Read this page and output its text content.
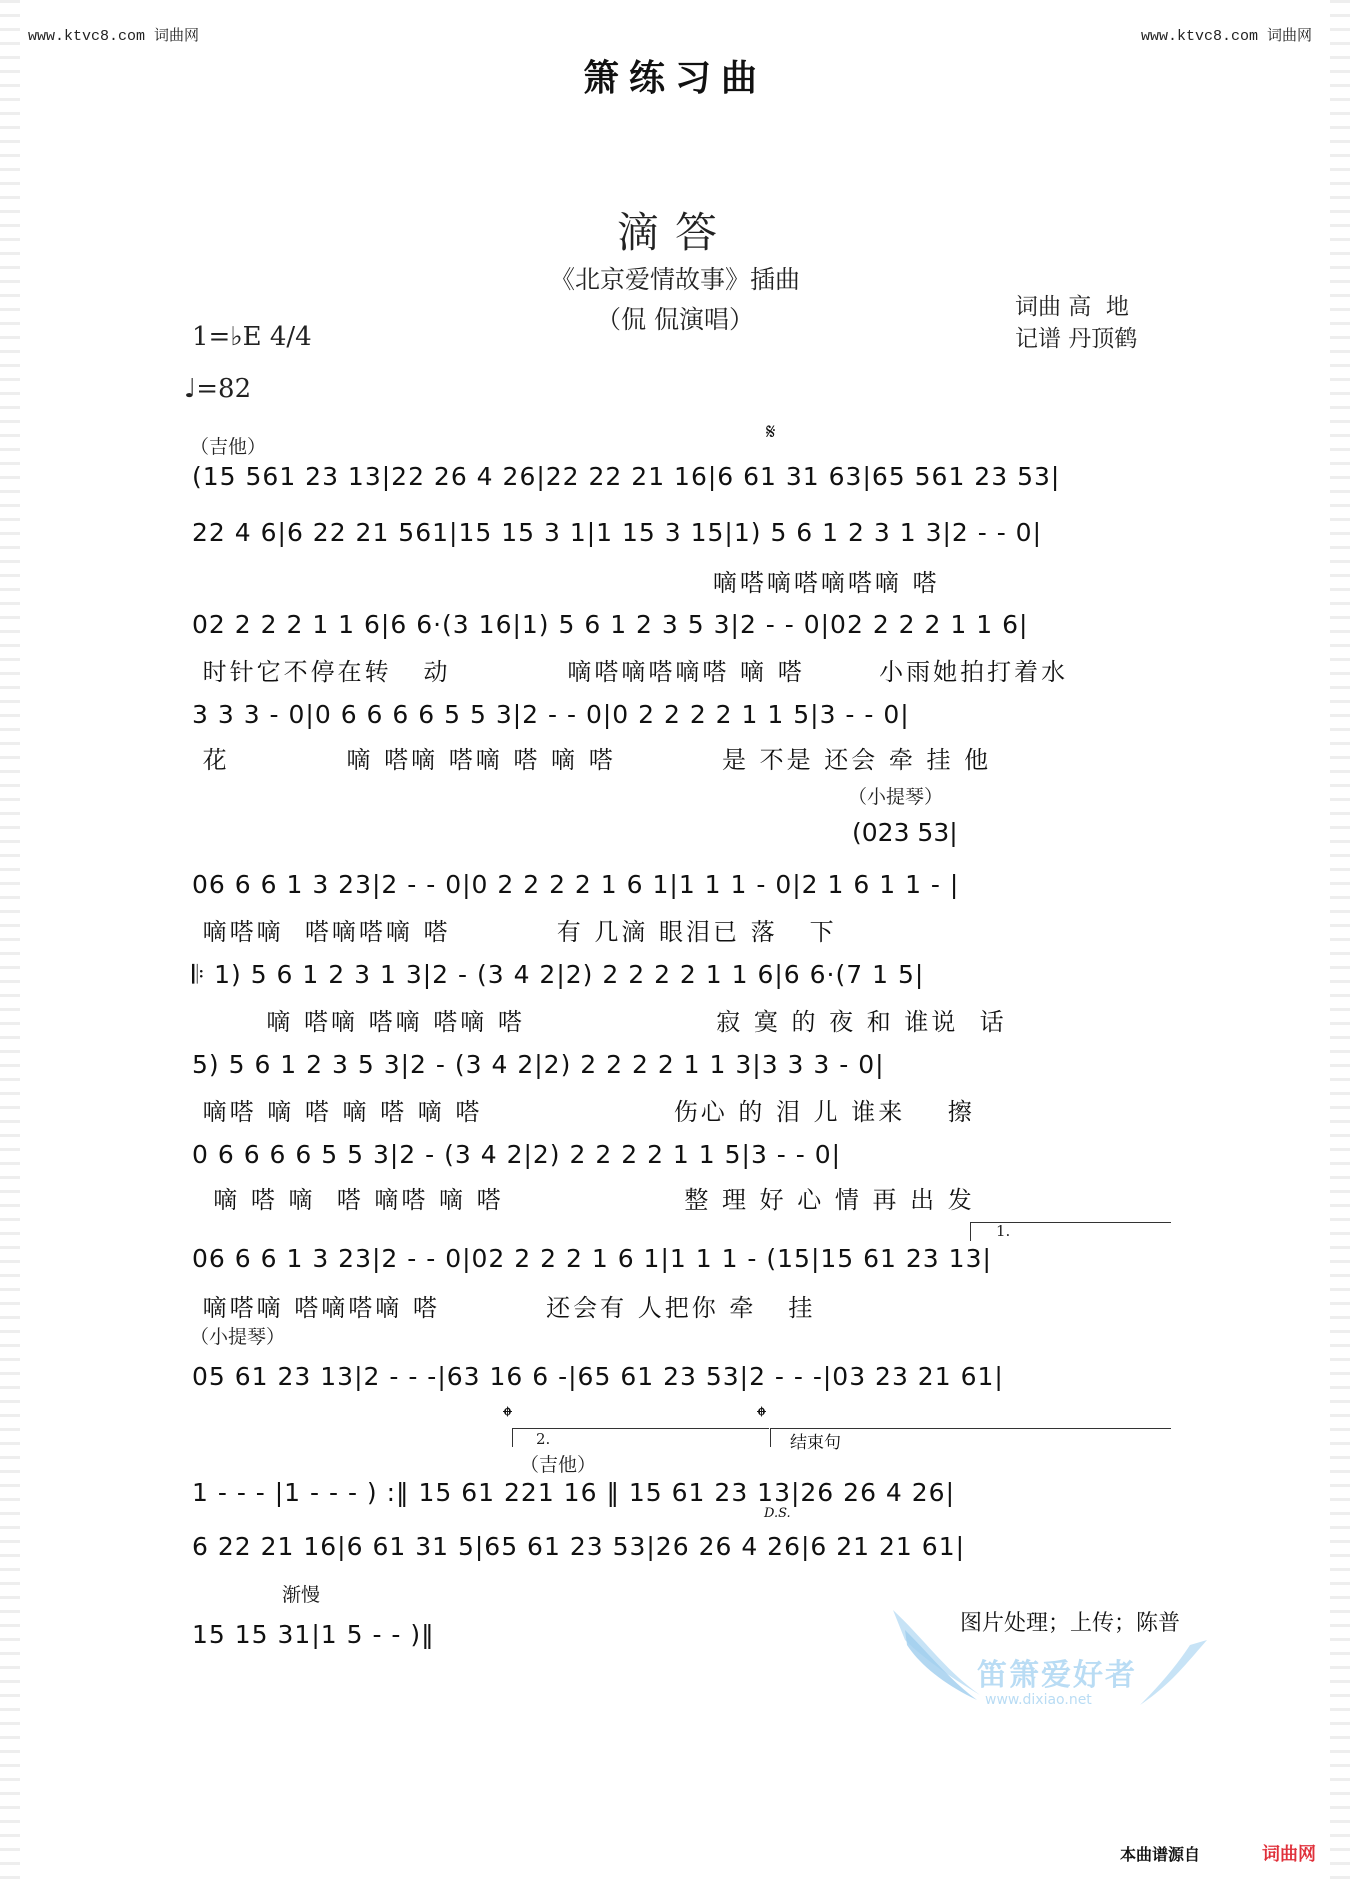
www.ktvc8.com 词曲网	www.ktvc8.com 词曲网
箫练习曲
滴答
《北京爱情故事》插曲
（侃 侃演唱）	词曲 高  地
记谱 丹顶鹤
1=♭E 4/4
♩=82
（吉他）
𝄋
(15 561 23 13|22 26 4 26|22 22 21 16|6 61 31 63|65 561 23 53|
22 4 6|6 22 21 561|15 15 3 1|1 15 3 15|1) 5 6 1 2 3 1 3|2 - - 0|
嘀嗒嘀嗒嘀嗒嘀 嗒
02 2 2 2 1 1 6|6 6·(3 16|1) 5 6 1 2 3 5 3|2 - - 0|02 2 2 2 1 1 6|
时针它不停在转   动           嘀嗒嘀嗒嘀嗒 嘀 嗒       小雨她拍打着水
3 3 3 - 0|0 6 6 6 6 5 5 3|2 - - 0|0 2 2 2 2 1 1 5|3 - - 0|
花           嘀 嗒嘀 嗒嘀 嗒 嘀 嗒          是 不是 还会 牵 挂 他
（小提琴）
(023 53|
06 6 6 1 3 23|2 - - 0|0 2 2 2 2 1 6 1|1 1 1 - 0|2 1 6 1 1 - |
嘀嗒嘀  嗒嘀嗒嘀 嗒          有 几滴 眼泪已 落   下
𝄆 1) 5 6 1 2 3 1 3|2 - (3 4 2|2) 2 2 2 2 1 1 6|6 6·(7 1 5|
嘀 嗒嘀 嗒嘀 嗒嘀 嗒                  寂 寞 的 夜 和 谁说  话
5) 5 6 1 2 3 5 3|2 - (3 4 2|2) 2 2 2 2 1 1 3|3 3 3 - 0|
嘀嗒 嘀 嗒 嘀 嗒 嘀 嗒                  伤心 的 泪 儿 谁来    擦
0 6 6 6 6 5 5 3|2 - (3 4 2|2) 2 2 2 2 1 1 5|3 - - 0|
嘀 嗒 嘀  嗒 嘀嗒 嘀 嗒                 整 理 好 心 情 再 出 发
1.
06 6 6 1 3 23|2 - - 0|02 2 2 2 1 6 1|1 1 1 - (15|15 61 23 13|
嘀嗒嘀 嗒嘀嗒嘀 嗒          还会有 人把你 牵   挂
（小提琴）
05 61 23 13|2 - - -|63 16 6 -|65 61 23 53|2 - - -|03 23 21 61|
𝄌	𝄌
2.	结束句
（吉他）
1 - - - |1 - - - ) :‖ 15 61 221 16 ‖ 15 61 23 13|26 26 4 26|
D.S.
6 22 21 16|6 61 31 5|65 61 23 53|26 26 4 26|6 21 21 61|
渐慢
15 15 31|1 5 - - )‖
笛箫爱好者
www.dixiao.net
图片处理；上传；陈普
本曲谱源自	词曲网
